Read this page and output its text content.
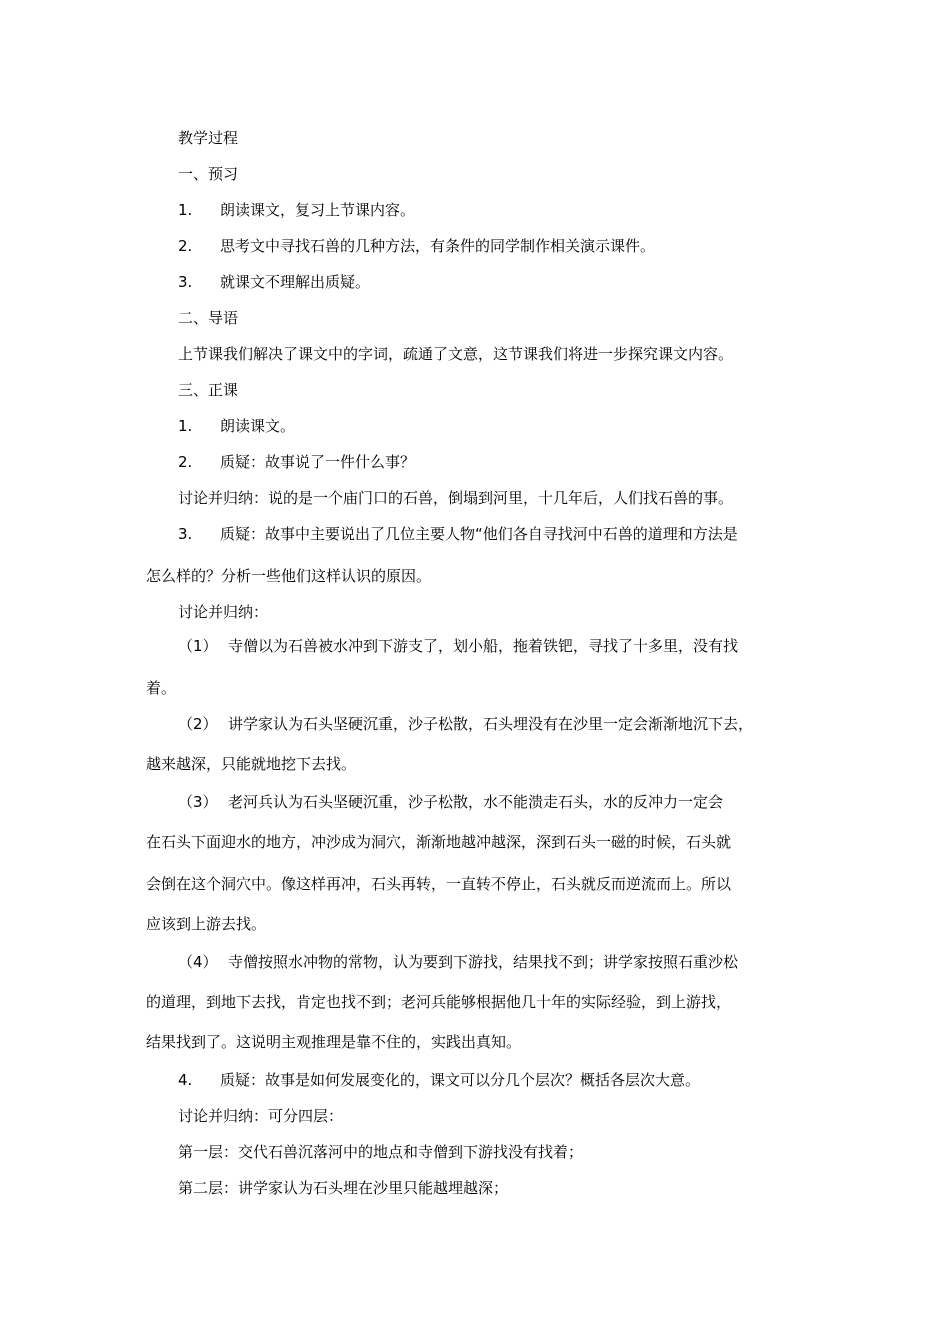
教学过程
一、预习
1. 朗读课文，复习上节课内容。
2. 思考文中寻找石兽的几种方法，有条件的同学制作相关演示课件。
3. 就课文不理解出质疑。
二、导语
上节课我们解决了课文中的字词，疏通了文意，这节课我们将进一步探究课文内容。
三、正课
1. 朗读课文。
2. 质疑：故事说了一件什么事？
讨论并归纳：说的是一个庙门口的石兽，倒塌到河里，十几年后，人们找石兽的事。
3. 质疑：故事中主要说出了几位主要人物“他们各自寻找河中石兽的道理和方法是
怎么样的？分析一些他们这样认识的原因。
讨论并归纳：
（1） 寺僧以为石兽被水冲到下游支了，划小船，拖着铁钯，寻找了十多里，没有找
着。
（2） 讲学家认为石头坚硬沉重，沙子松散，石头埋没有在沙里一定会渐渐地沉下去，
越来越深，只能就地挖下去找。
（3） 老河兵认为石头坚硬沉重，沙子松散，水不能溃走石头，水的反冲力一定会
在石头下面迎水的地方，冲沙成为洞穴，渐渐地越冲越深，深到石头一磁的时候，石头就
会倒在这个洞穴中。像这样再冲，石头再转，一直转不停止，石头就反而逆流而上。所以
应该到上游去找。
（4） 寺僧按照水冲物的常物，认为要到下游找，结果找不到；讲学家按照石重沙松
的道理，到地下去找，肯定也找不到；老河兵能够根据他几十年的实际经验，到上游找，
结果找到了。这说明主观推理是靠不住的，实践出真知。
4. 质疑：故事是如何发展变化的，课文可以分几个层次？概括各层次大意。
讨论并归纳：可分四层：
第一层：交代石兽沉落河中的地点和寺僧到下游找没有找着；
第二层：讲学家认为石头埋在沙里只能越埋越深；
